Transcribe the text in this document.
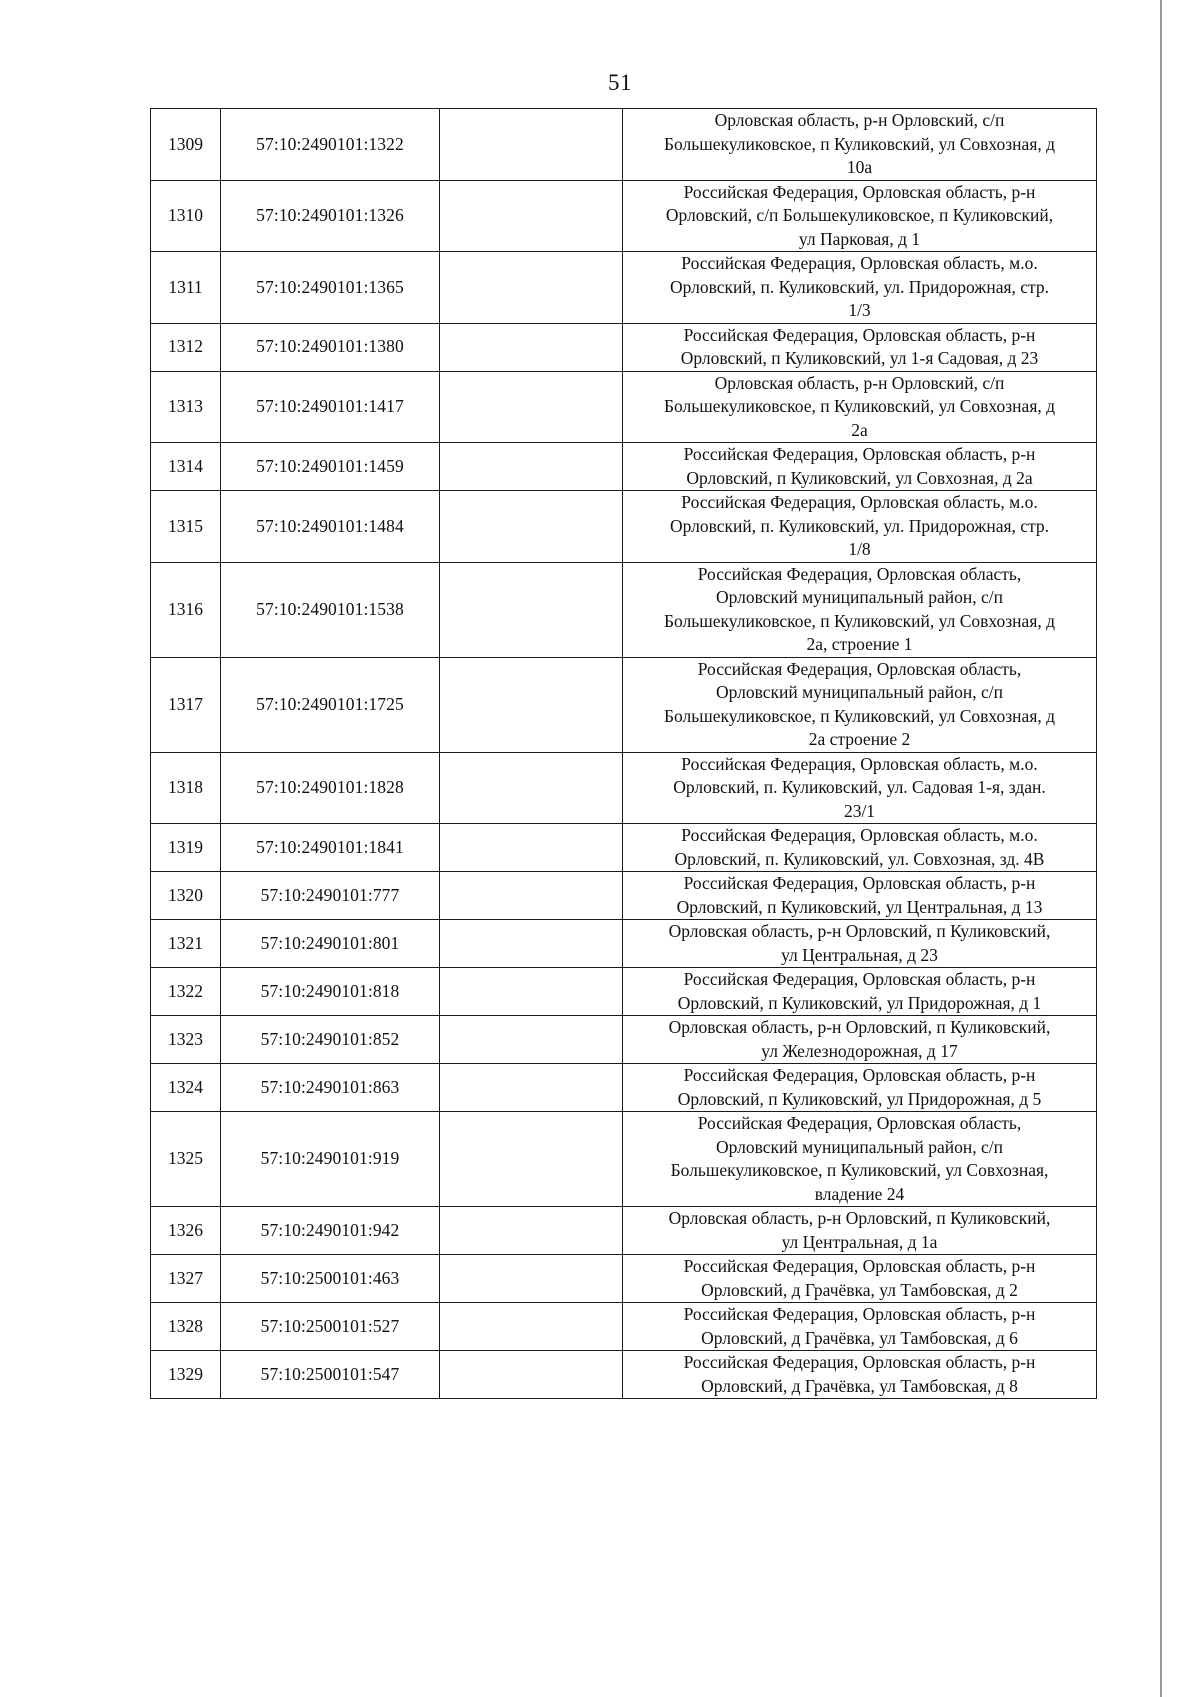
51
1309	57:10:2490101:1322		Орловская область, р-н Орловский, с/п
Большекуликовское, п Куликовский, ул Совхозная, д
10а

1310	57:10:2490101:1326		Российская Федерация, Орловская область, р-н
Орловский, с/п Большекуликовское, п Куликовский,
ул Парковая, д 1

1311	57:10:2490101:1365		Российская Федерация, Орловская область, м.о.
Орловский, п. Куликовский, ул. Придорожная, стр.
1/3

1312	57:10:2490101:1380		Российская Федерация, Орловская область, р-н
Орловский, п Куликовский, ул 1-я Садовая, д 23

1313	57:10:2490101:1417		Орловская область, р-н Орловский, с/п
Большекуликовское, п Куликовский, ул Совхозная, д
2а

1314	57:10:2490101:1459		Российская Федерация, Орловская область, р-н
Орловский, п Куликовский, ул Совхозная, д 2а

1315	57:10:2490101:1484		Российская Федерация, Орловская область, м.о.
Орловский, п. Куликовский, ул. Придорожная, стр.
1/8

1316	57:10:2490101:1538		Российская Федерация, Орловская область,
Орловский муниципальный район, с/п
Большекуликовское, п Куликовский, ул Совхозная, д
2а, строение 1

1317	57:10:2490101:1725		Российская Федерация, Орловская область,
Орловский муниципальный район, с/п
Большекуликовское, п Куликовский, ул Совхозная, д
2а строение 2

1318	57:10:2490101:1828		Российская Федерация, Орловская область, м.о.
Орловский, п. Куликовский, ул. Садовая 1-я, здан.
23/1

1319	57:10:2490101:1841		Российская Федерация, Орловская область, м.о.
Орловский, п. Куликовский, ул. Совхозная, зд. 4В

1320	57:10:2490101:777		Российская Федерация, Орловская область, р-н
Орловский, п Куликовский, ул Центральная, д 13

1321	57:10:2490101:801		Орловская область, р-н Орловский, п Куликовский,
ул Центральная, д 23

1322	57:10:2490101:818		Российская Федерация, Орловская область, р-н
Орловский, п Куликовский, ул Придорожная, д 1

1323	57:10:2490101:852		Орловская область, р-н Орловский, п Куликовский,
ул Железнодорожная, д 17

1324	57:10:2490101:863		Российская Федерация, Орловская область, р-н
Орловский, п Куликовский, ул Придорожная, д 5

1325	57:10:2490101:919		Российская Федерация, Орловская область,
Орловский муниципальный район, с/п
Большекуликовское, п Куликовский, ул Совхозная,
владение 24

1326	57:10:2490101:942		Орловская область, р-н Орловский, п Куликовский,
ул Центральная, д 1а

1327	57:10:2500101:463		Российская Федерация, Орловская область, р-н
Орловский, д Грачёвка, ул Тамбовская, д 2

1328	57:10:2500101:527		Российская Федерация, Орловская область, р-н
Орловский, д Грачёвка, ул Тамбовская, д 6

1329	57:10:2500101:547		Российская Федерация, Орловская область, р-н
Орловский, д Грачёвка, ул Тамбовская, д 8
